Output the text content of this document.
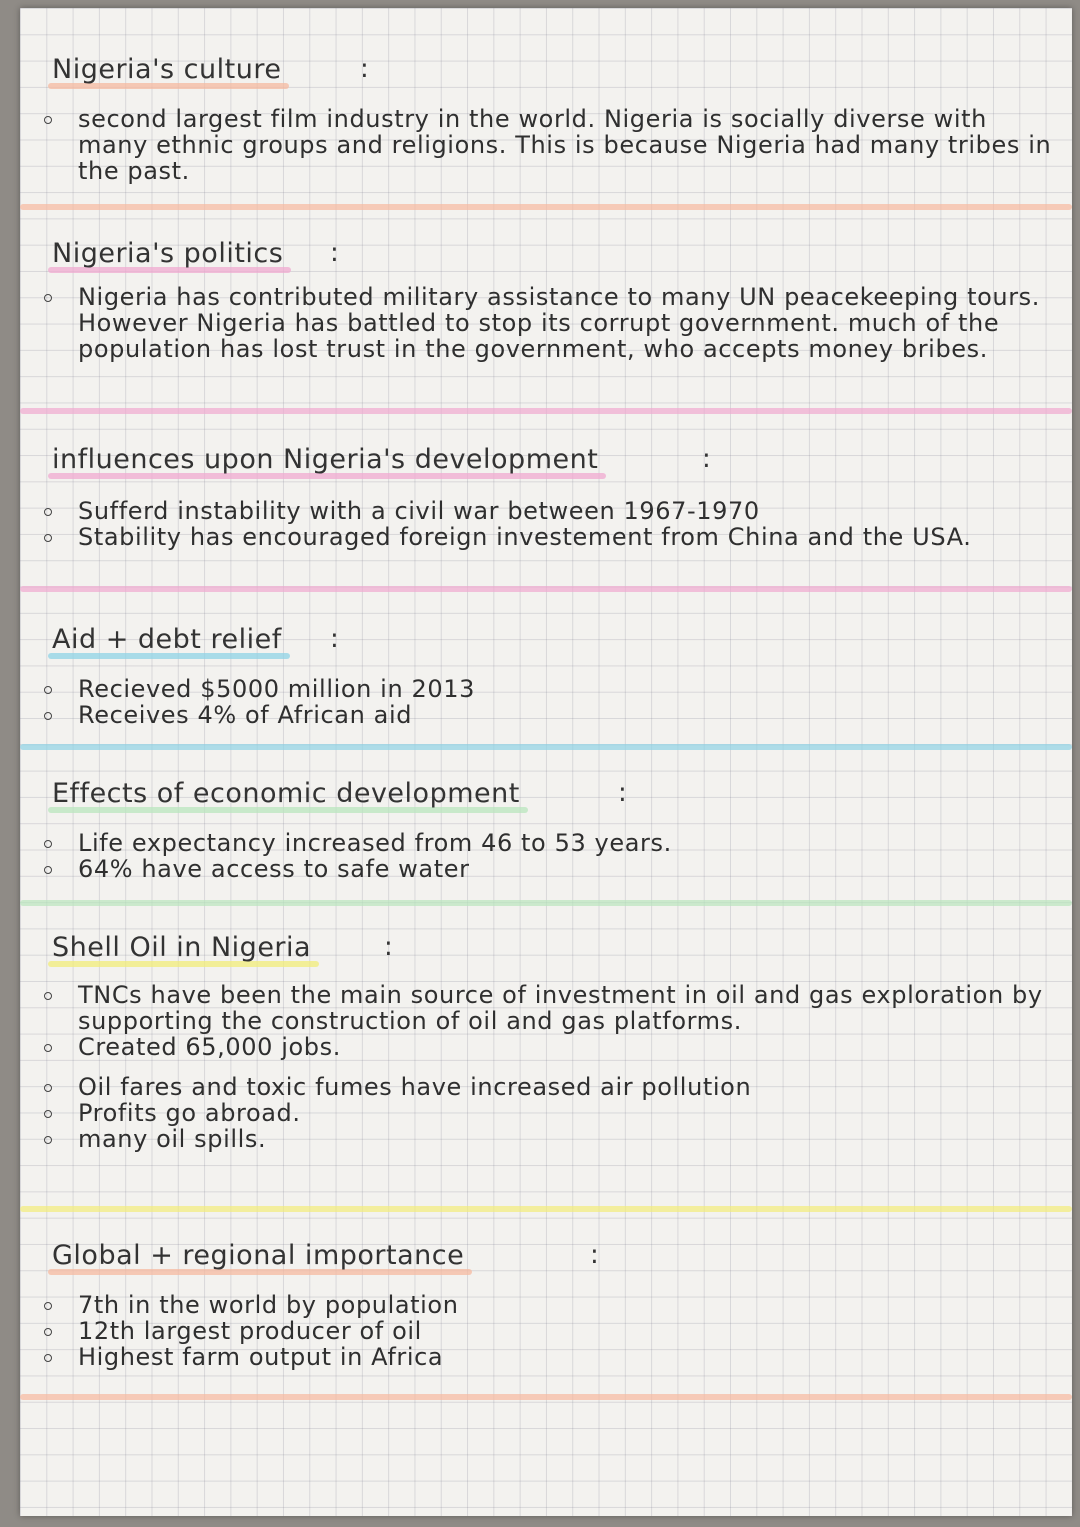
Nigeria's culture	:
second largest film industry in the world. Nigeria is socially diverse with many ethnic groups and religions. This is because Nigeria had many tribes in the past.
Nigeria's politics :
Nigeria has contributed military assistance to many UN peacekeeping tours. However Nigeria has battled to stop its corrupt government. much of the population has lost trust in the government, who accepts money bribes.
influences upon Nigeria's development	:
Sufferd instability with a civil war between 1967-1970
Stability has encouraged foreign investement from China and the USA.
Aid + debt relief :
Recieved $5000 million in 2013
Receives 4% of African aid
Effects of economic development	:
Life expectancy increased from 46 to 53 years.
64% have access to safe water
Shell Oil in Nigeria	:
TNCs have been the main source of investment in oil and gas exploration by supporting the construction of oil and gas platforms.
Created 65,000 jobs.
Oil fares and toxic fumes have increased air pollution
Profits go abroad.
many oil spills.
Global + regional importance	:
7th in the world by population
12th largest producer of oil
Highest farm output in Africa
